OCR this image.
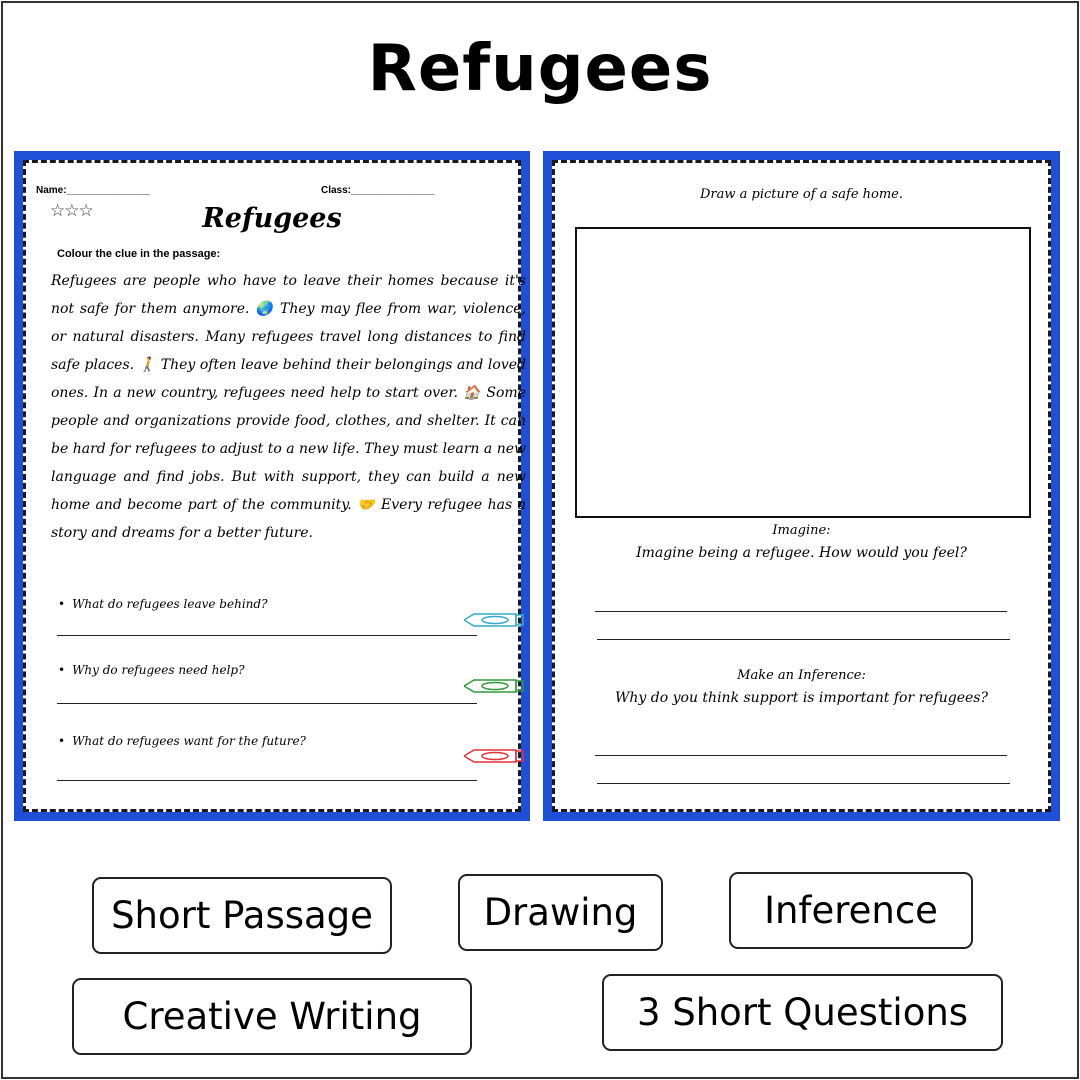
Refugees
Name:_______________	Class:_______________
☆☆☆	Refugees
Colour the clue in the passage:

Refugees are people who have to leave their homes because it's not safe for them anymore. 🌏 They may flee from war, violence, or natural disasters. Many refugees travel long distances to find safe places. 🚶 They often leave behind their belongings and loved ones. In a new country, refugees need help to start over. 🏠 Some people and organizations provide food, clothes, and shelter. It can be hard for refugees to adjust to a new life. They must learn a new language and find jobs. But with support, they can build a new home and become part of the community. 🤝 Every refugee has a story and dreams for a better future.

• What do refugees leave behind?
• Why do refugees need help?
• What do refugees want for the future?
Draw a picture of a safe home.
Imagine:
Imagine being a refugee. How would you feel?
Make an Inference:
Why do you think support is important for refugees?
Short Passage	Drawing	Inference
Creative Writing	3 Short Questions
